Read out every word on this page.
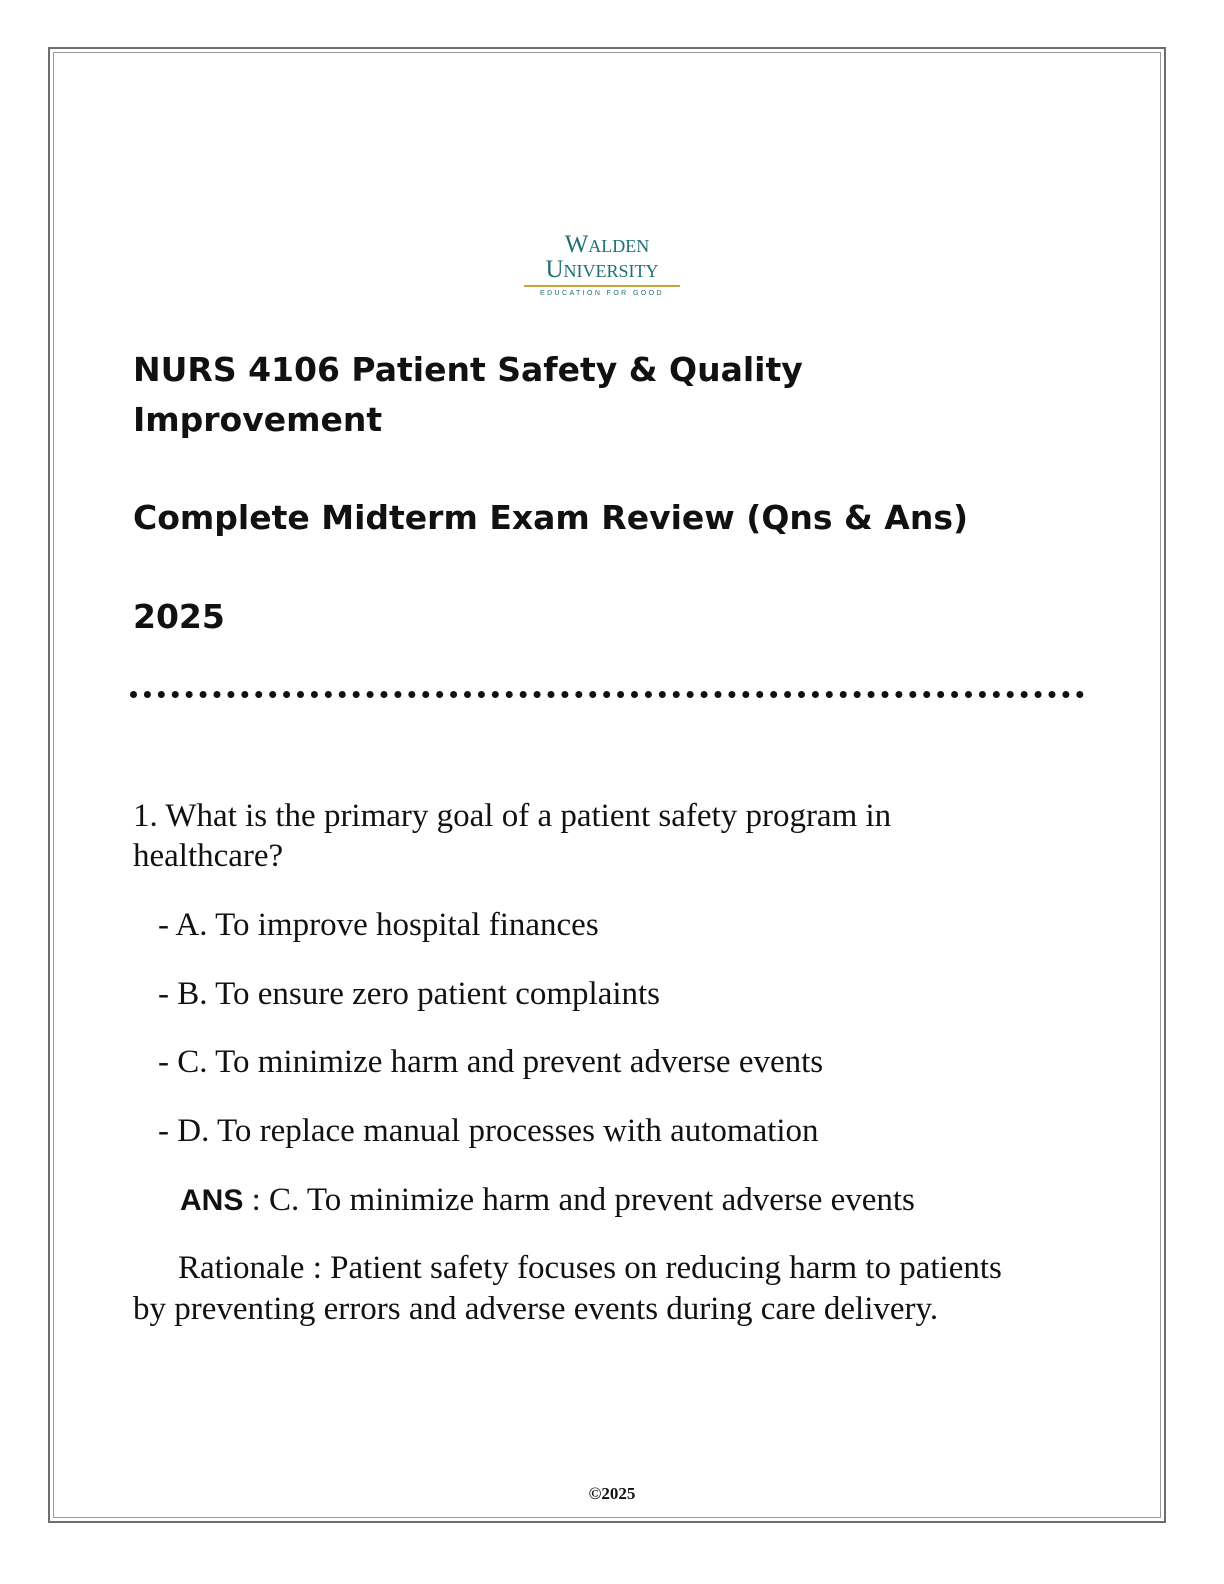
Walden
University
EDUCATION FOR GOOD
NURS 4106 Patient Safety & Quality
Improvement
Complete Midterm Exam Review (Qns & Ans)
2025

1. What is the primary goal of a patient safety program in

healthcare?

- A. To improve hospital finances

- B. To ensure zero patient complaints

- C. To minimize harm and prevent adverse events

- D. To replace manual processes with automation

ANS : C. To minimize harm and prevent adverse events

Rationale : Patient safety focuses on reducing harm to patients

by preventing errors and adverse events during care delivery.

©2025
